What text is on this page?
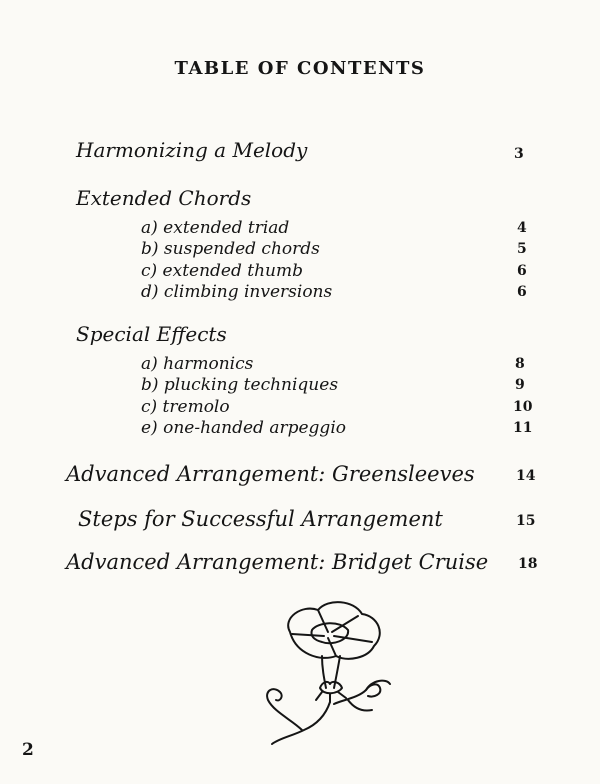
TABLE OF CONTENTS
Harmonizing a Melody	3
Extended Chords
a) extended triad	4
b) suspended chords	5
c) extended thumb	6
d) climbing inversions	6
Special Effects
a) harmonics	8
b) plucking techniques	9
c) tremolo	10
e) one-handed arpeggio	11
Advanced Arrangement: Greensleeves	14
Steps for Successful Arrangement	15
Advanced Arrangement: Bridget Cruise 18
2
